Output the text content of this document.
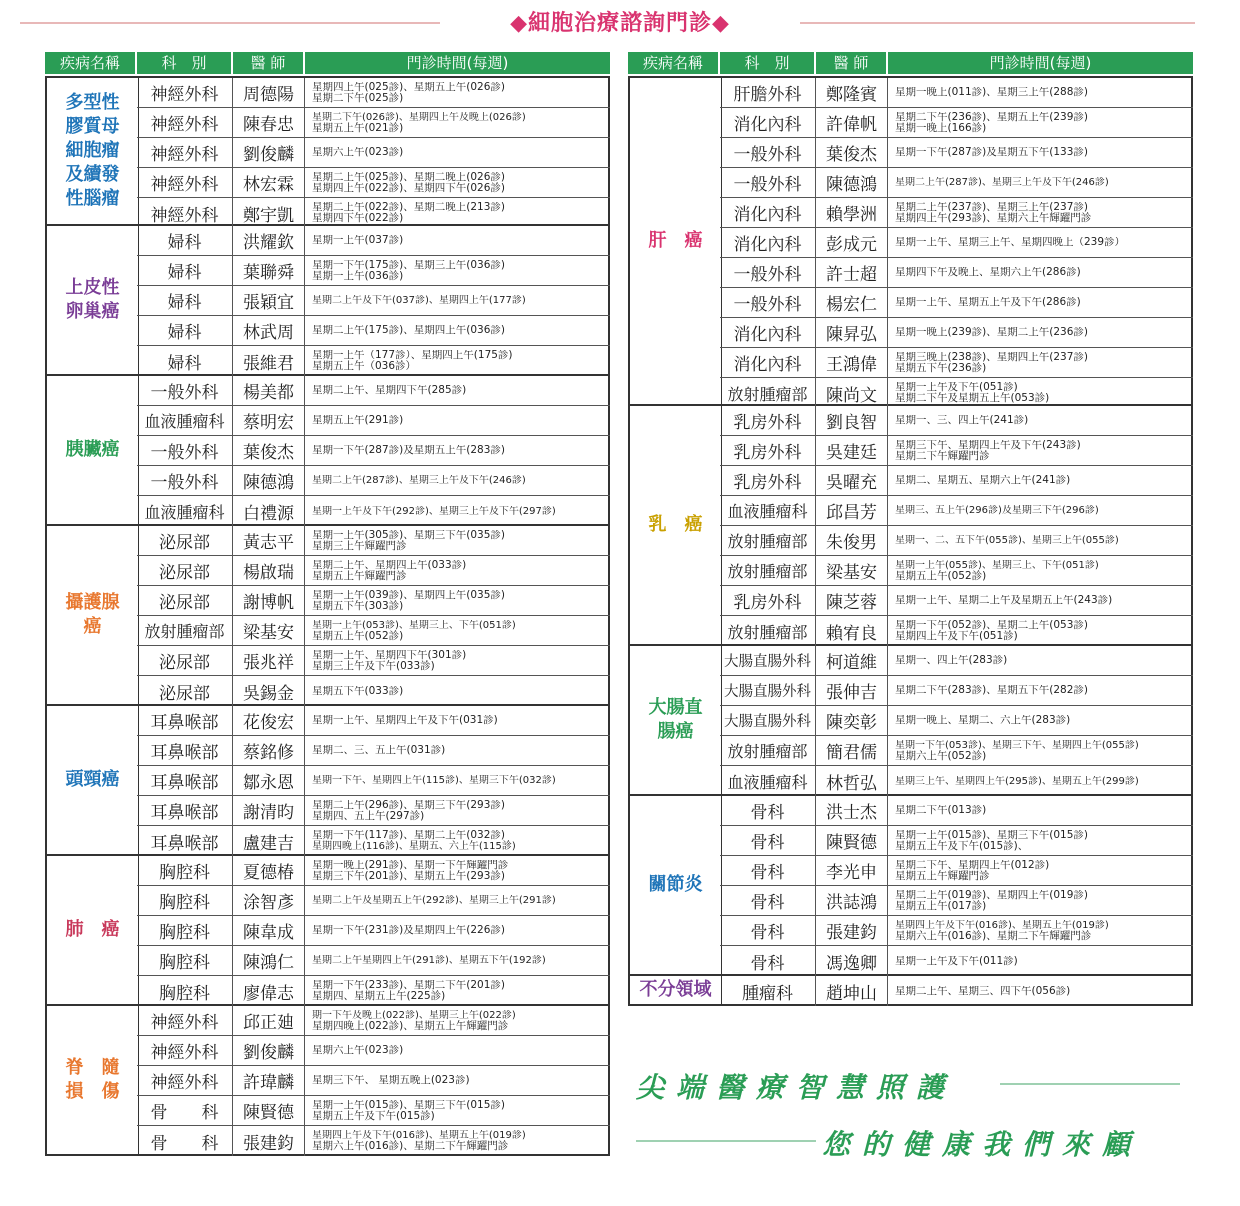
◆細胞治療諮詢門診◆
疾病名稱	科　別	醫 師	門診時間(每週)
多型性
膠質母
細胞瘤
及續發
性腦瘤
神經外科	周德陽	星期四上午(025診)、星期五上午(026診)
星期二下午(025診)
神經外科	陳春忠	星期二下午(026診)、星期四上午及晚上(026診)
星期五上午(021診)
神經外科	劉俊麟	星期六上午(023診)
神經外科	林宏霖	星期二上午(025診)、星期二晚上(026診)
星期四上午(022診)、星期四下午(026診)
神經外科	鄭宇凱	星期二上午(022診)、星期二晚上(213診)
星期四下午(022診)
上皮性
卵巢癌
婦科	洪耀欽	星期一上午(037診)
婦科	葉聯舜	星期一下午(175診)、星期三上午(036診)
星期一上午(036診)
婦科	張穎宜	星期二上午及下午(037診)、星期四上午(177診)
婦科	林武周	星期二上午(175診)、星期四上午(036診)
婦科	張維君	星期一上午（177診）、星期四上午(175診)
星期五上午（036診）
胰臟癌
一般外科	楊美都	星期二上午、星期四下午(285診)
血液腫瘤科	蔡明宏	星期五上午(291診)
一般外科	葉俊杰	星期一下午(287診)及星期五上午(283診)
一般外科	陳德鴻	星期二上午(287診)、星期三上午及下午(246診)
血液腫瘤科	白禮源	星期一上午及下午(292診)、星期三上午及下午(297診)
攝護腺
癌
泌尿部	黃志平	星期一上午(305診)、星期三下午(035診)
星期三上午輝躍門診
泌尿部	楊啟瑞	星期二上午、星期四上午(033診)
星期五上午輝躍門診
泌尿部	謝博帆	星期一上午(039診)、星期四上午(035診)
星期五下午(303診)
放射腫瘤部	梁基安	星期一上午(053診)、星期三上、下午(051診)
星期五上午(052診)
泌尿部	張兆祥	星期一上午、星期四下午(301診)
星期三上午及下午(033診)
泌尿部	吳錫金	星期五下午(033診)
頭頸癌
耳鼻喉部	花俊宏	星期一上午、星期四上午及下午(031診)
耳鼻喉部	蔡銘修	星期二、三、五上午(031診)
耳鼻喉部	鄒永恩	星期一下午、星期四上午(115診)、星期三下午(032診)
耳鼻喉部	謝清昀	星期二上午(296診)、星期三下午(293診)
星期四、五上午(297診)
耳鼻喉部	盧建吉	星期一下午(117診)、星期二上午(032診)
星期四晚上(116診)、星期五、六上午(115診)
肺　癌
胸腔科	夏德椿	星期一晚上(291診)、星期一下午輝躍門診
星期三下午(201診)、星期五上午(293診)
胸腔科	涂智彥	星期二上午及星期五上午(292診)、星期三上午(291診)
胸腔科	陳韋成	星期一下午(231診)及星期四上午(226診)
胸腔科	陳鴻仁	星期二上午星期四上午(291診)、星期五下午(192診)
胸腔科	廖偉志	星期一下午(233診)、星期二下午(201診)
星期四、星期五上午(225診)
脊　隨
損　傷
神經外科	邱正廸	期一下午及晚上(022診)、星期三上午(022診)
星期四晚上(022診)、星期五上午輝躍門診
神經外科	劉俊麟	星期六上午(023診)
神經外科	許瑋麟	星期三下午、 星期五晚上(023診)
骨　　科	陳賢德	星期一上午(015診)、星期三下午(015診)
星期五上午及下午(015診)
骨　　科	張建鈞	星期四上午及下午(016診)、星期五上午(019診)
星期六上午(016診)、星期二下午輝躍門診
疾病名稱	科　別	醫 師	門診時間(每週)
肝　癌
肝膽外科	鄭隆賓	星期一晚上(011診)、星期三上午(288診)
消化內科	許偉帆	星期二下午(236診)、星期五上午(239診)
星期一晚上(166診)
一般外科	葉俊杰	星期一下午(287診)及星期五下午(133診)
一般外科	陳德鴻	星期二上午(287診)、星期三上午及下午(246診)
消化內科	賴學洲	星期二上午(237診)、星期三上午(237診)
星期四上午(293診)、星期六上午輝躍門診
消化內科	彭成元	星期一上午、星期三上午、星期四晚上（239診）
一般外科	許士超	星期四下午及晚上、星期六上午(286診)
一般外科	楊宏仁	星期一上午、星期五上午及下午(286診)
消化內科	陳昇弘	星期一晚上(239診)、星期二上午(236診)
消化內科	王鴻偉	星期三晚上(238診)、星期四上午(237診)
星期五下午(236診)
放射腫瘤部	陳尚文	星期一上午及下午(051診)
星期二下午及星期五上午(053診)
乳　癌
乳房外科	劉良智	星期一、三、四上午(241診)
乳房外科	吳建廷	星期三下午、星期四上午及下午(243診)
星期二下午輝躍門診
乳房外科	吳曜充	星期二、星期五、星期六上午(241診)
血液腫瘤科	邱昌芳	星期三、五上午(296診)及星期三下午(296診)
放射腫瘤部	朱俊男	星期一、二、五下午(055診)、星期三上午(055診)
放射腫瘤部	梁基安	星期一上午(055診)、星期三上、下午(051診)
星期五上午(052診)
乳房外科	陳芝蓉	星期一上午、星期二上午及星期五上午(243診)
放射腫瘤部	賴宥良	星期一下午(052診)、星期二上午(053診)
星期四上午及下午(051診)
大腸直
腸癌
大腸直腸外科 柯道維	星期一、四上午(283診)
大腸直腸外科 張伸吉	星期二下午(283診)、星期五下午(282診)
大腸直腸外科 陳奕彰	星期一晚上、星期二、六上午(283診)
放射腫瘤部	簡君儒	星期一下午(053診)、星期三下午、星期四上午(055診)
星期六上午(052診)
血液腫瘤科	林哲弘	星期三上午、星期四上午(295診)、星期五上午(299診)
關節炎
骨科	洪士杰	星期二下午(013診)
骨科	陳賢德	星期一上午(015診)、星期三下午(015診)
星期五上午及下午(015診)、
骨科	李光申	星期二下午、星期四上午(012診)
星期五上午輝躍門診
骨科	洪誌鴻	星期二上午(019診)、星期四上午(019診)
星期五上午(017診)
骨科	張建鈞	星期四上午及下午(016診)、星期五上午(019診)
星期六上午(016診)、星期二下午輝躍門診
骨科	馮逸卿	星期一上午及下午(011診)
不分領域	腫瘤科	趙坤山	星期二上午、星期三、四下午(056診)
尖端醫療智慧照護
您的健康我們來顧
